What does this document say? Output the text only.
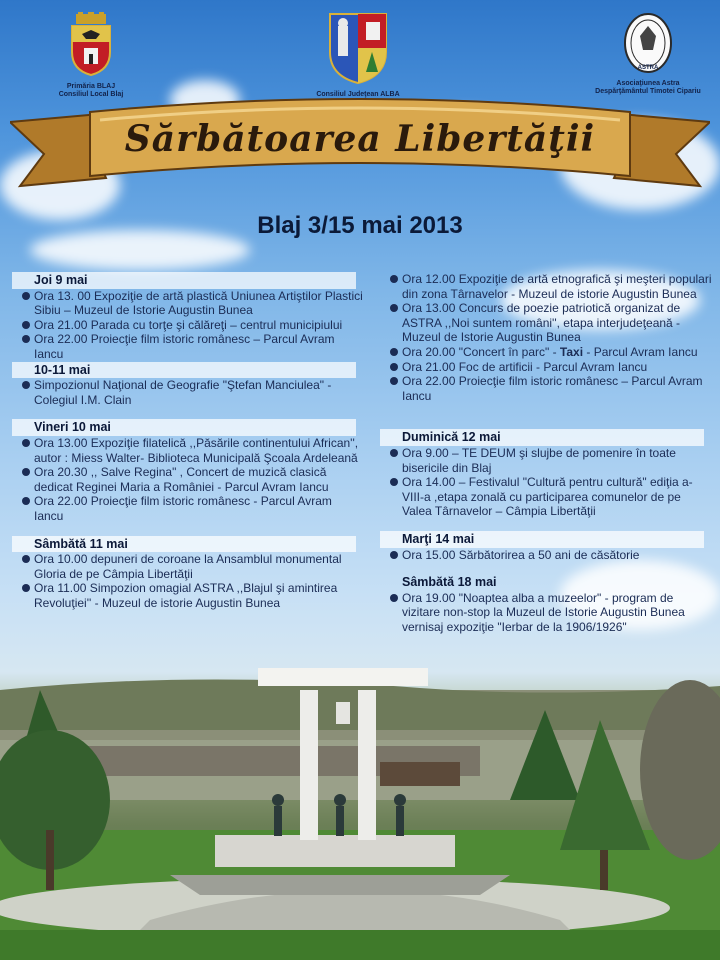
Primăria BLAJ
Consiliul Local Blaj	Consiliul Judeţean ALBA
ASTRA
Asociaţiunea Astra
Despărţământul Timotei Cipariu
Sărbătoarea Libertăţii
Blaj 3/15 mai 2013
Joi 9 mai
Ora 13. 00 Expoziţie de artă plastică Uniunea Artiştilor Plastici Sibiu – Muzeul de Istorie Augustin Bunea
Ora 21.00 Parada cu torţe şi călăreţi – centrul municipiului
Ora 22.00 Proiecţie film istoric românesc – Parcul Avram Iancu
10-11 mai
Simpozionul Naţional de Geografie "Ştefan Manciulea" - Colegiul I.M. Clain
Vineri 10 mai
Ora 13.00 Expoziţie filatelică ,,Păsările continentului African'', autor : Miess Walter- Biblioteca Municipală Şcoala Ardeleană
Ora 20.30 ,, Salve Regina" , Concert de muzică clasică dedicat Reginei Maria a României - Parcul Avram Iancu
Ora 22.00 Proiecţie film istoric românesc - Parcul Avram Iancu
Sâmbătă 11 mai
Ora 10.00 depuneri de coroane la Ansamblul monumental Gloria de pe Câmpia Libertăţii
Ora 11.00 Simpozion omagial ASTRA ,,Blajul şi amintirea Revoluţiei'' - Muzeul de istorie Augustin Bunea
Ora 12.00 Expoziţie de artă etnografică şi meşteri populari din zona Târnavelor - Muzeul de istorie Augustin Bunea
Ora 13.00 Concurs de poezie patriotică organizat de ASTRA ,,Noi suntem români'', etapa interjudeţeană - Muzeul de Istorie Augustin Bunea
Ora 20.00 "Concert în parc" - Taxi - Parcul Avram Iancu
Ora 21.00 Foc de artificii - Parcul Avram Iancu
Ora 22.00 Proiecţie film istoric românesc – Parcul Avram Iancu
Duminică 12 mai
Ora 9.00 – TE DEUM şi slujbe de pomenire în toate bisericile din Blaj
Ora 14.00 – Festivalul "Cultură pentru cultură" ediţia a-VIII-a ,etapa zonală cu participarea comunelor de pe Valea Târnavelor – Câmpia Libertăţii
Marţi 14 mai
Ora 15.00 Sărbătorirea a 50 ani de căsătorie
Sâmbătă 18 mai
Ora 19.00 "Noaptea alba a muzeelor" - program de vizitare non-stop la Muzeul de Istorie Augustin Bunea vernisaj expoziţie "Ierbar de la 1906/1926"
